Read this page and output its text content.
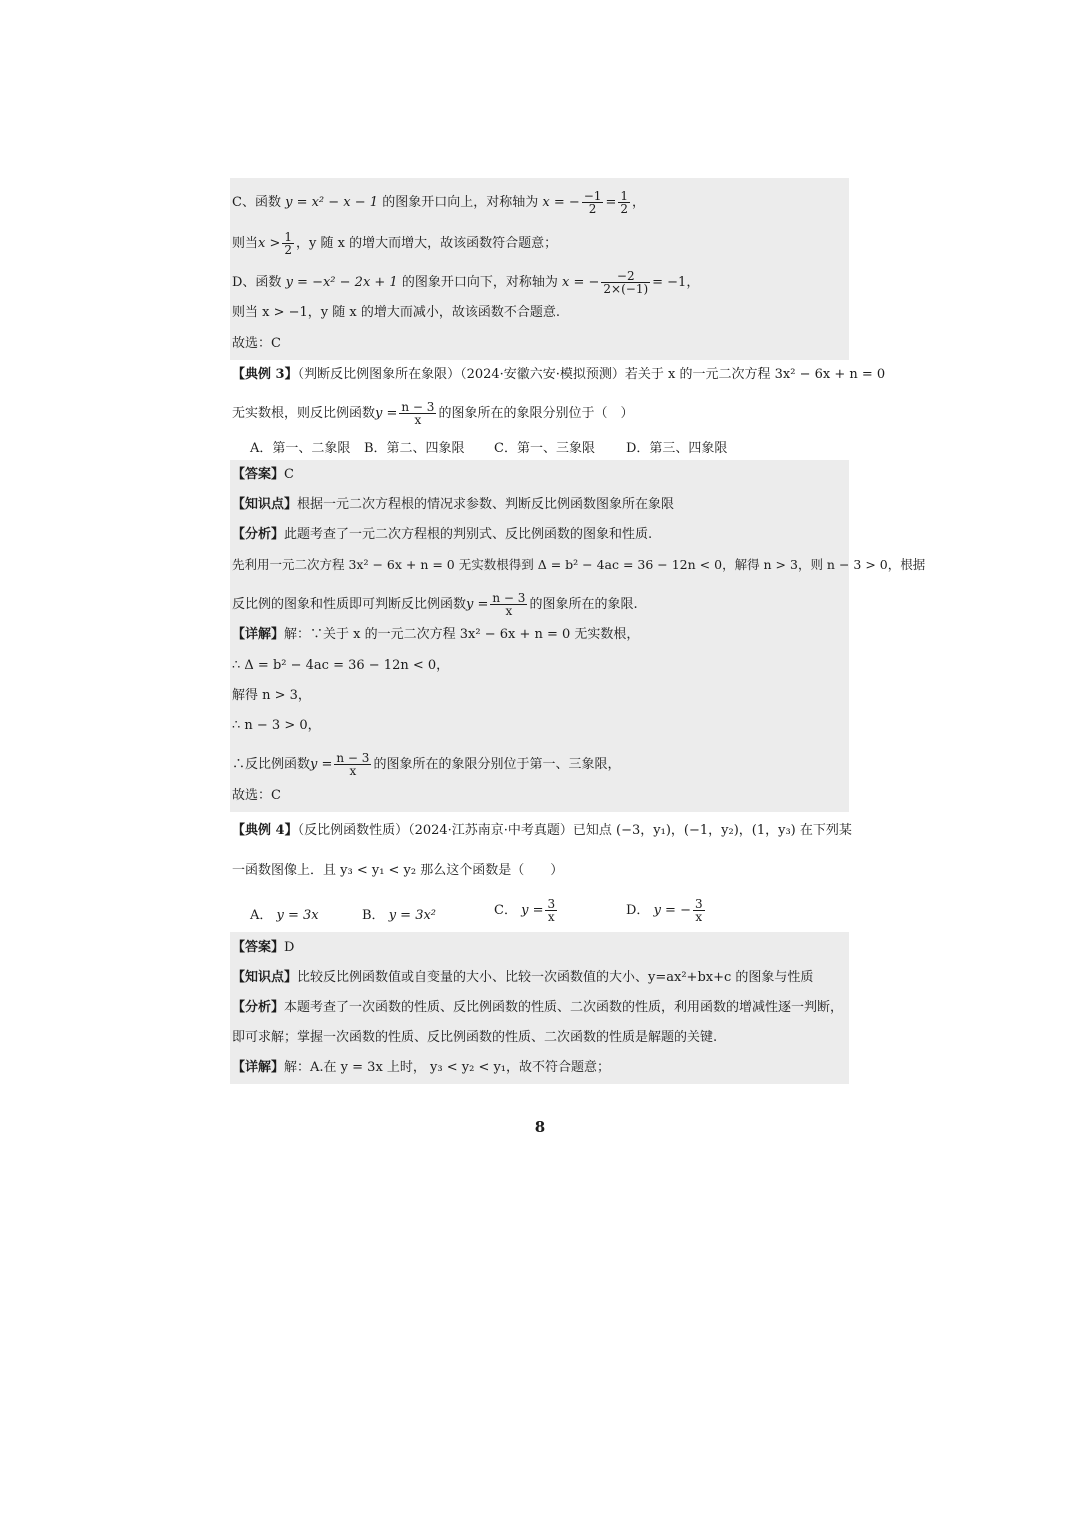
C、函数 y = x² − x − 1 的图象开口向上，对称轴为 x = − $\frac{-1}{2} = \frac{1}{2}$ ，
则当$x > \frac{1}{2}$ ，y 随 x 的增大而增大，故该函数符合题意；
D、函数 y = −x² − 2x + 1 的图象开口向下，对称轴为 x = − $\frac{-2}{2\times(-1)} = -1$，
则当 x > −1，y 随 x 的增大而减小，故该函数不合题意.
故选：C
【典例 3】（判断反比例图象所在象限）（2024·安徽六安·模拟预测）若关于 x 的一元二次方程 3x² − 6x + n = 0
无实数根，则反比例函数$y = \frac{n - 3}{x}$ 的图象所在的象限分别位于（　）
A．第一、二象限 B．第二、四象限 C．第一、三象限 D．第三、四象限
【答案】C
【知识点】根据一元二次方程根的情况求参数、判断反比例函数图象所在象限
【分析】此题考查了一元二次方程根的判别式、反比例函数的图象和性质.
先利用一元二次方程 3x² − 6x + n = 0 无实数根得到 Δ = b² − 4ac = 36 − 12n < 0，解得 n > 3，则 n − 3 > 0，根据
反比例的图象和性质即可判断反比例函数$y = \frac{n - 3}{x}$ 的图象所在的象限.
【详解】解：∵关于 x 的一元二次方程 3x² − 6x + n = 0 无实数根，
∴ Δ = b² − 4ac = 36 − 12n < 0，
解得 n > 3，
∴ n − 3 > 0，
∴反比例函数$y = \frac{n - 3}{x}$ 的图象所在的象限分别位于第一、三象限，
故选：C
【典例 4】（反比例函数性质）（2024·江苏南京·中考真题）已知点 (−3，y₁)，(−1，y₂)，(1，y₃) 在下列某
一函数图像上．且 y₃ < y₁ < y₂ 那么这个函数是（　　）
A． y = 3x	B． y = 3x²	C． $y = \frac{3}{x}$	D． y = − $\frac{3}{x}$
【答案】D
【知识点】比较反比例函数值或自变量的大小、比较一次函数值的大小、y=ax²+bx+c 的图象与性质
【分析】本题考查了一次函数的性质、反比例函数的性质、二次函数的性质，利用函数的增减性逐一判断，
即可求解；掌握一次函数的性质、反比例函数的性质、二次函数的性质是解题的关键.
【详解】解：A.在 y = 3x 上时， y₃ < y₂ < y₁，故不符合题意；
8
